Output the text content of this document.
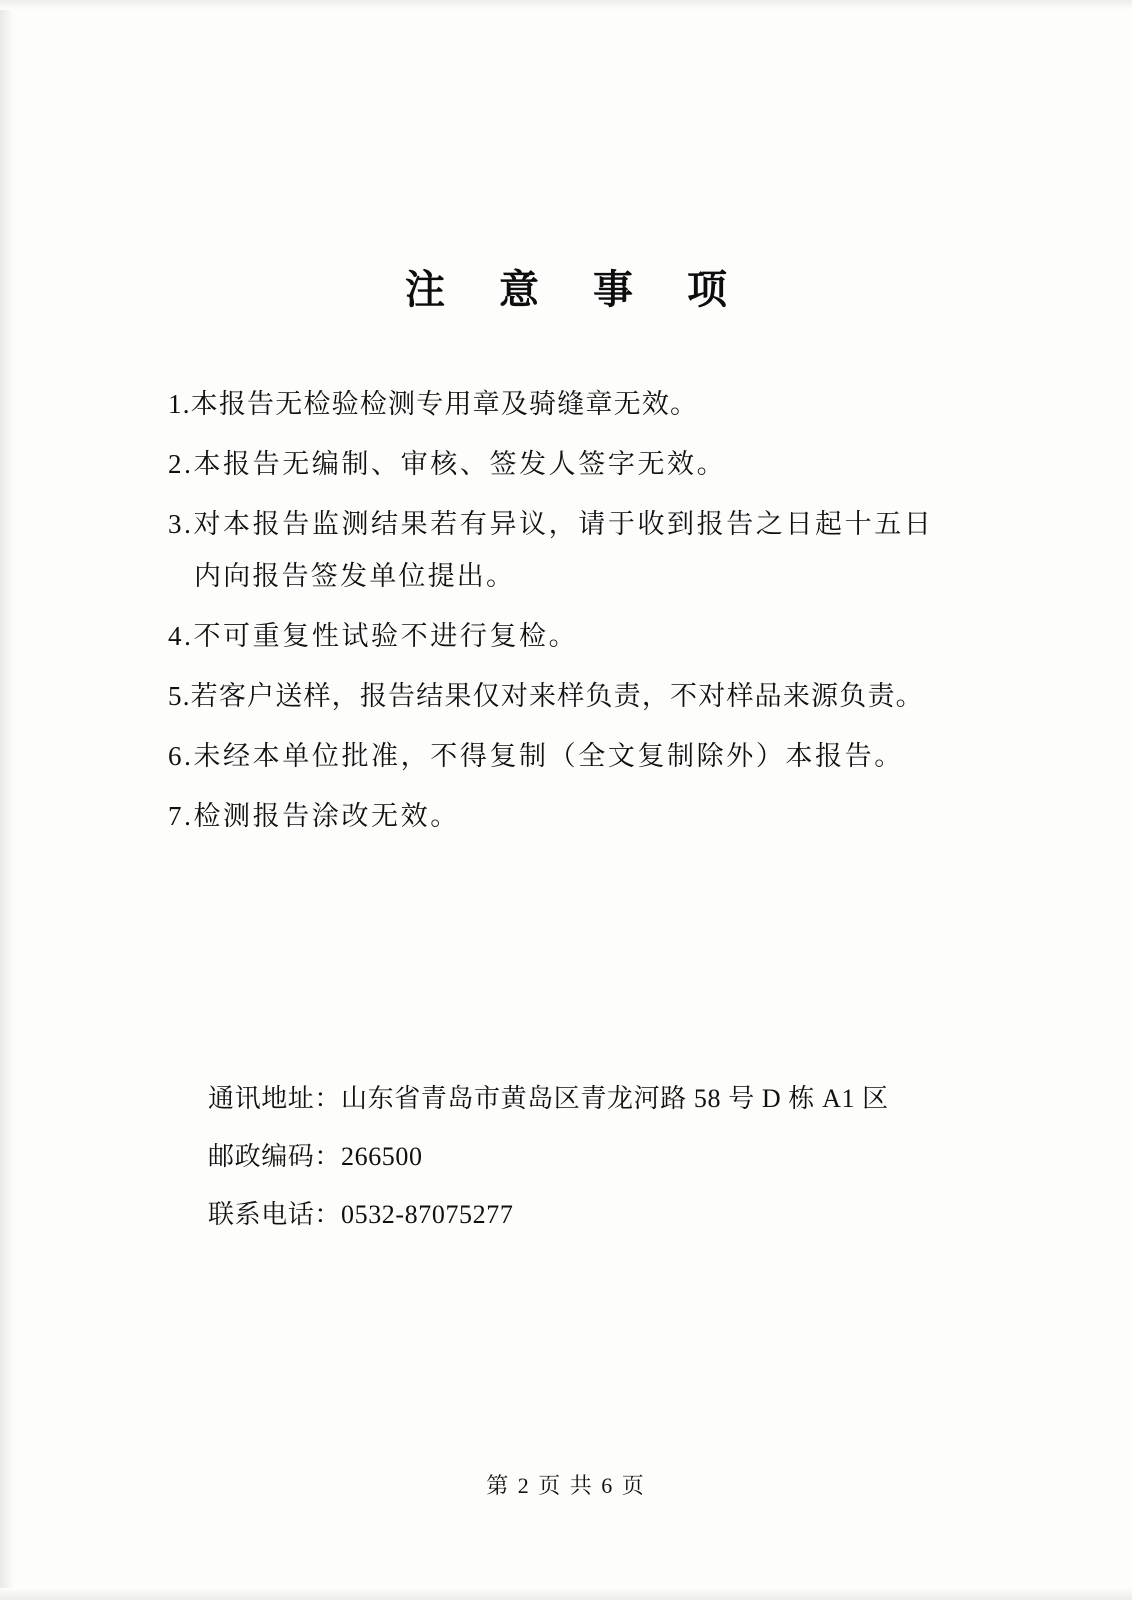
注 意 事 项
1.本报告无检验检测专用章及骑缝章无效。
2.本报告无编制、审核、签发人签字无效。
3.对本报告监测结果若有异议，请于收到报告之日起十五日
内向报告签发单位提出。
4.不可重复性试验不进行复检。
5.若客户送样，报告结果仅对来样负责，不对样品来源负责。
6.未经本单位批准，不得复制（全文复制除外）本报告。
7.检测报告涂改无效。
通讯地址：山东省青岛市黄岛区青龙河路 58 号 D 栋 A1 区
邮政编码：266500
联系电话：0532-87075277
第 2 页 共 6 页
